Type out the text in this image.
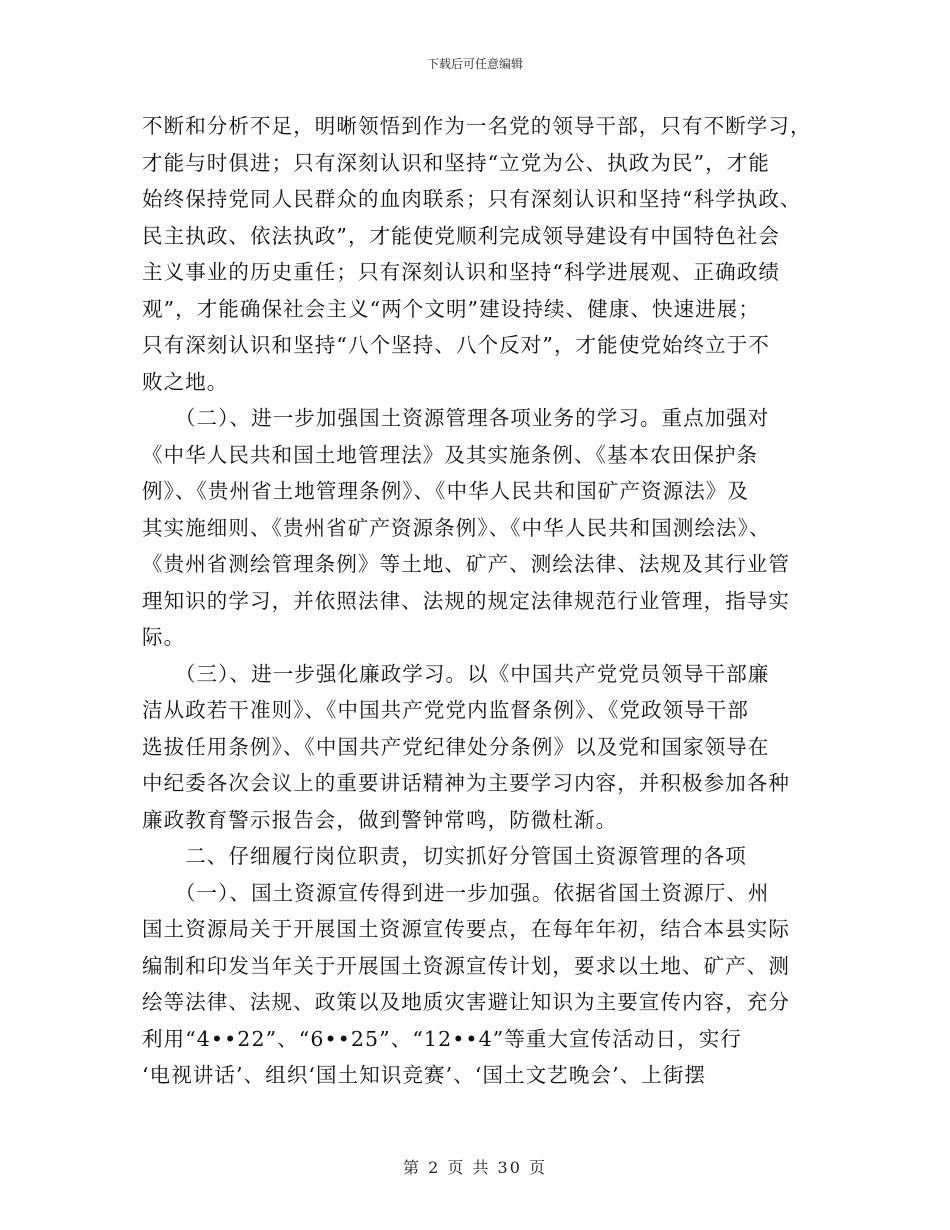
下载后可任意编辑
不断和分析不足，明晰领悟到作为一名党的领导干部，只有不断学习，
才能与时俱进；只有深刻认识和坚持“立党为公、执政为民”，才能
始终保持党同人民群众的血肉联系；只有深刻认识和坚持“科学执政、
民主执政、依法执政”，才能使党顺利完成领导建设有中国特色社会
主义事业的历史重任；只有深刻认识和坚持“科学进展观、正确政绩
观”，才能确保社会主义“两个文明”建设持续、健康、快速进展；
只有深刻认识和坚持“八个坚持、八个反对”，才能使党始终立于不
败之地。
　　（二）、进一步加强国土资源管理各项业务的学习。重点加强对
《中华人民共和国土地管理法》及其实施条例、《基本农田保护条
例》、《贵州省土地管理条例》、《中华人民共和国矿产资源法》及
其实施细则、《贵州省矿产资源条例》、《中华人民共和国测绘法》、
《贵州省测绘管理条例》等土地、矿产、测绘法律、法规及其行业管
理知识的学习，并依照法律、法规的规定法律规范行业管理，指导实
际。
　　（三）、进一步强化廉政学习。以《中国共产党党员领导干部廉
洁从政若干准则》、《中国共产党党内监督条例》、《党政领导干部
选拔任用条例》、《中国共产党纪律处分条例》以及党和国家领导在
中纪委各次会议上的重要讲话精神为主要学习内容，并积极参加各种
廉政教育警示报告会，做到警钟常鸣，防微杜渐。
　　二、仔细履行岗位职责，切实抓好分管国土资源管理的各项
　　（一）、国土资源宣传得到进一步加强。依据省国土资源厅、州
国土资源局关于开展国土资源宣传要点，在每年年初，结合本县实际
编制和印发当年关于开展国土资源宣传计划，要求以土地、矿产、测
绘等法律、法规、政策以及地质灾害避让知识为主要宣传内容，充分
利用“4••22”、“6••25”、“12••4”等重大宣传活动日，实行
‘电视讲话’、组织‘国土知识竞赛’、‘国土文艺晚会’、上街摆
第 2 页 共 30 页
